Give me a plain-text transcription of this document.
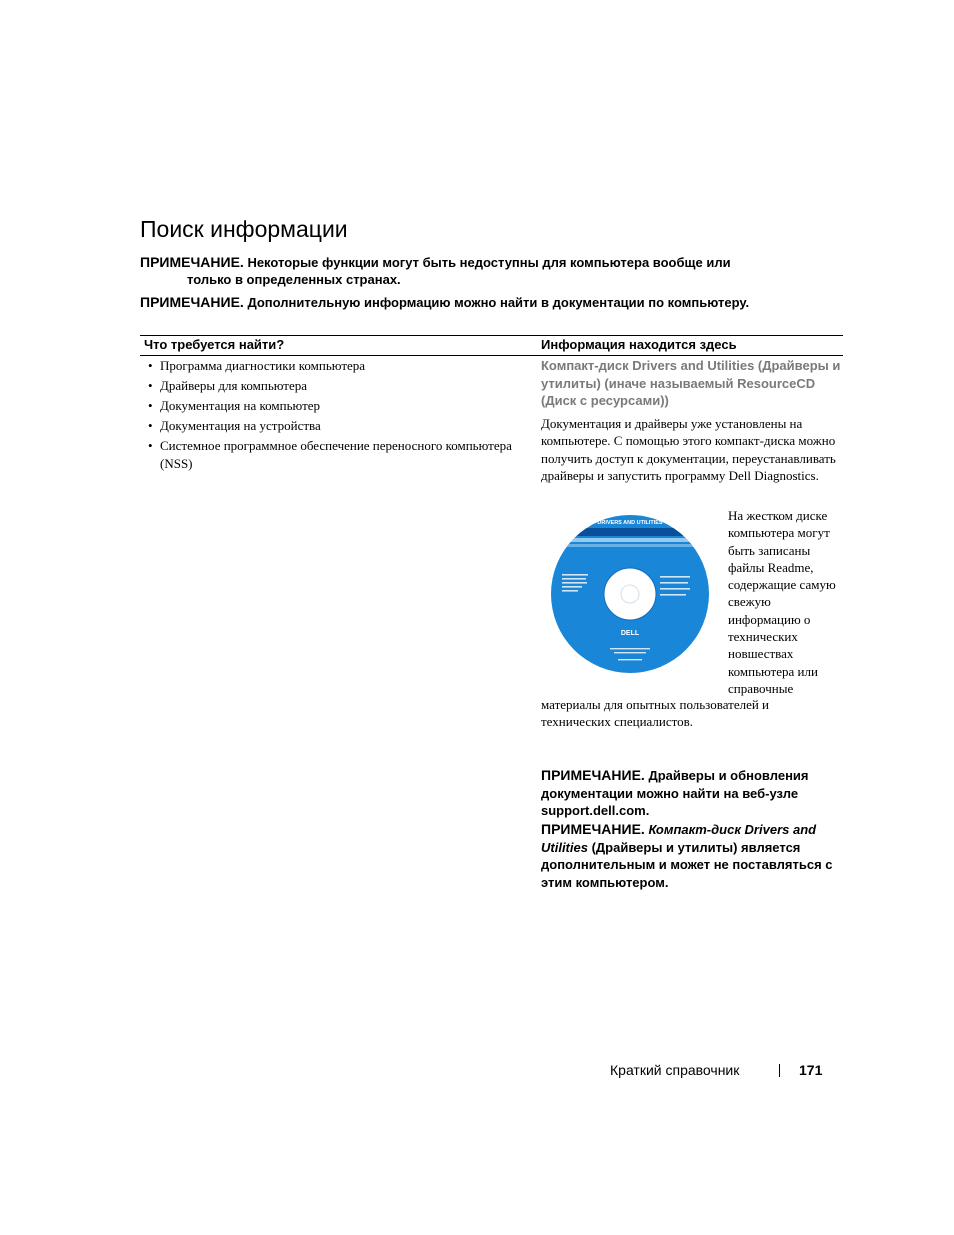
Поиск информации
ПРИМЕЧАНИЕ. Некоторые функции могут быть недоступны для компьютера вообще или
только в определенных странах.
ПРИМЕЧАНИЕ. Дополнительную информацию можно найти в документации по компьютеру.
Что требуется найти?	Информация находится здесь
• Программа диагностики компьютера
• Драйверы для компьютера
• Документация на компьютер
• Документация на устройства
• Системное программное обеспечение переносного компьютера (NSS)
Компакт-диск Drivers and Utilities (Драйверы и утилиты) (иначе называемый ResourceCD (Диск с ресурсами))
Документация и драйверы уже установлены на компьютере. С помощью этого компакт-диска можно получить доступ к документации, переустанавливать драйверы и запустить программу Dell Diagnostics.
DRIVERS AND UTILITIES
DELL
На жестком диске компьютера могут быть записаны файлы Readme, содержащие самую свежую информацию о технических новшествах компьютера или справочные
материалы для опытных пользователей и технических специалистов.
ПРИМЕЧАНИЕ. Драйверы и обновления документации можно найти на веб-узле support.dell.com.
ПРИМЕЧАНИЕ. Компакт-диск Drivers and Utilities (Драйверы и утилиты) является дополнительным и может не поставляться с этим компьютером.
Краткий справочник	171
